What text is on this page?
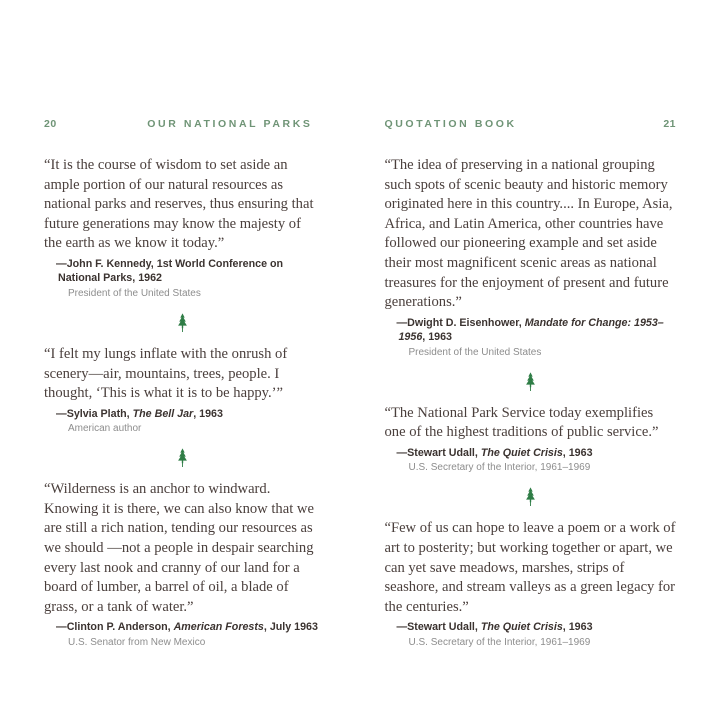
20	OUR NATIONAL PARKS

“It is the course of wisdom to set aside an ample portion of our natural resources as national parks and reserves, thus ensuring that future generations may know the majesty of the earth as we know it today.”

—John F. Kennedy, 1st World Conference on National Parks, 1962
President of the United States

“I felt my lungs inflate with the onrush of scenery—air, mountains, trees, people. I thought, ‘This is what it is to be happy.’”

—Sylvia Plath, The Bell Jar, 1963
American author

“Wilderness is an anchor to windward. Knowing it is there, we can also know that we are still a rich nation, tending our resources as we should —not a people in despair searching every last nook and cranny of our land for a board of lumber, a barrel of oil, a blade of grass, or a tank of water.”

—Clinton P. Anderson, American Forests, July 1963
U.S. Senator from New Mexico
QUOTATION BOOK	21

“The idea of preserving in a national grouping such spots of scenic beauty and historic memory originated here in this country.... In Europe, Asia, Africa, and Latin America, other countries have followed our pioneering example and set aside their most magnificent scenic areas as national treasures for the enjoyment of present and future generations.”

—Dwight D. Eisenhower, Mandate for Change: 1953–1956, 1963
President of the United States

“The National Park Service today exemplifies one of the highest traditions of public service.”

—Stewart Udall, The Quiet Crisis, 1963
U.S. Secretary of the Interior, 1961–1969

“Few of us can hope to leave a poem or a work of art to posterity; but working together or apart, we can yet save meadows, marshes, strips of seashore, and stream valleys as a green legacy for the centuries.”

—Stewart Udall, The Quiet Crisis, 1963
U.S. Secretary of the Interior, 1961–1969
